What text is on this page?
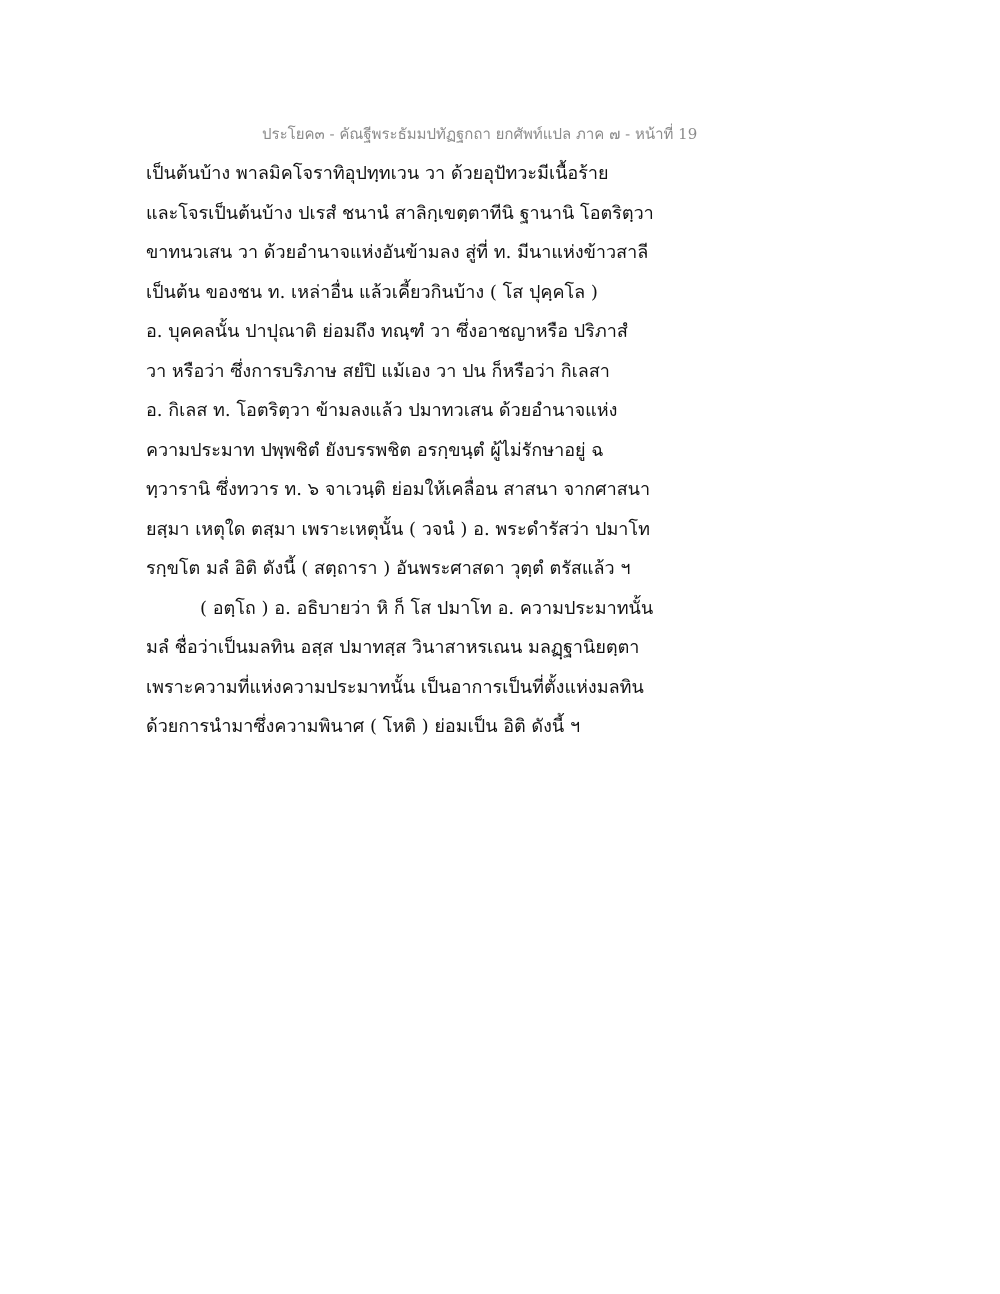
ประโยค๓ - คัณฐีพระธัมมปทัฏฐกถา ยกศัพท์แปล ภาค ๗ - หน้าที่ 19
เป็นต้นบ้าง พาลมิคโจราทิอุปทฺทเวน วา ด้วยอุปัทวะมีเนื้อร้าย
และโจรเป็นต้นบ้าง ปเรสํ ชนานํ สาลิกฺเขตฺตาทีนิ ฐานานิ โอตริตฺวา
ขาทนวเสน วา ด้วยอำนาจแห่งอันข้ามลง สู่ที่ ท. มีนาแห่งข้าวสาลี
เป็นต้น ของชน ท. เหล่าอื่น แล้วเคี้ยวกินบ้าง ( โส ปุคฺคโล )
อ. บุคคลนั้น ปาปุณาติ ย่อมถึง ทณฺฑํ วา ซึ่งอาชญาหรือ ปริภาสํ
วา หรือว่า ซึ่งการบริภาษ สยํปิ แม้เอง วา ปน ก็หรือว่า กิเลสา
อ. กิเลส ท. โอตริตฺวา ข้ามลงแล้ว ปมาทวเสน ด้วยอำนาจแห่ง
ความประมาท ปพฺพชิตํ ยังบรรพชิต อรกฺขนฺตํ ผู้ไม่รักษาอยู่ ฉ
ทฺวารานิ ซึ่งทวาร ท. ๖ จาเวนฺติ ย่อมให้เคลื่อน สาสนา จากศาสนา
ยสฺมา เหตุใด ตสฺมา เพราะเหตุนั้น ( วจนํ ) อ. พระดำรัสว่า ปมาโท
รกฺขโต มลํ อิติ ดังนี้ ( สตฺถารา ) อันพระศาสดา วุตฺตํ ตรัสแล้ว ฯ
( อตฺโถ ) อ. อธิบายว่า หิ ก็ โส ปมาโท อ. ความประมาทนั้น
มลํ ชื่อว่าเป็นมลทิน อสฺส ปมาทสฺส วินาสาหรเณน มลฏฺฐานิยตฺตา
เพราะความที่แห่งความประมาทนั้น เป็นอาการเป็นที่ตั้งแห่งมลทิน
ด้วยการนำมาซึ่งความพินาศ ( โหติ ) ย่อมเป็น อิติ ดังนี้ ฯ
